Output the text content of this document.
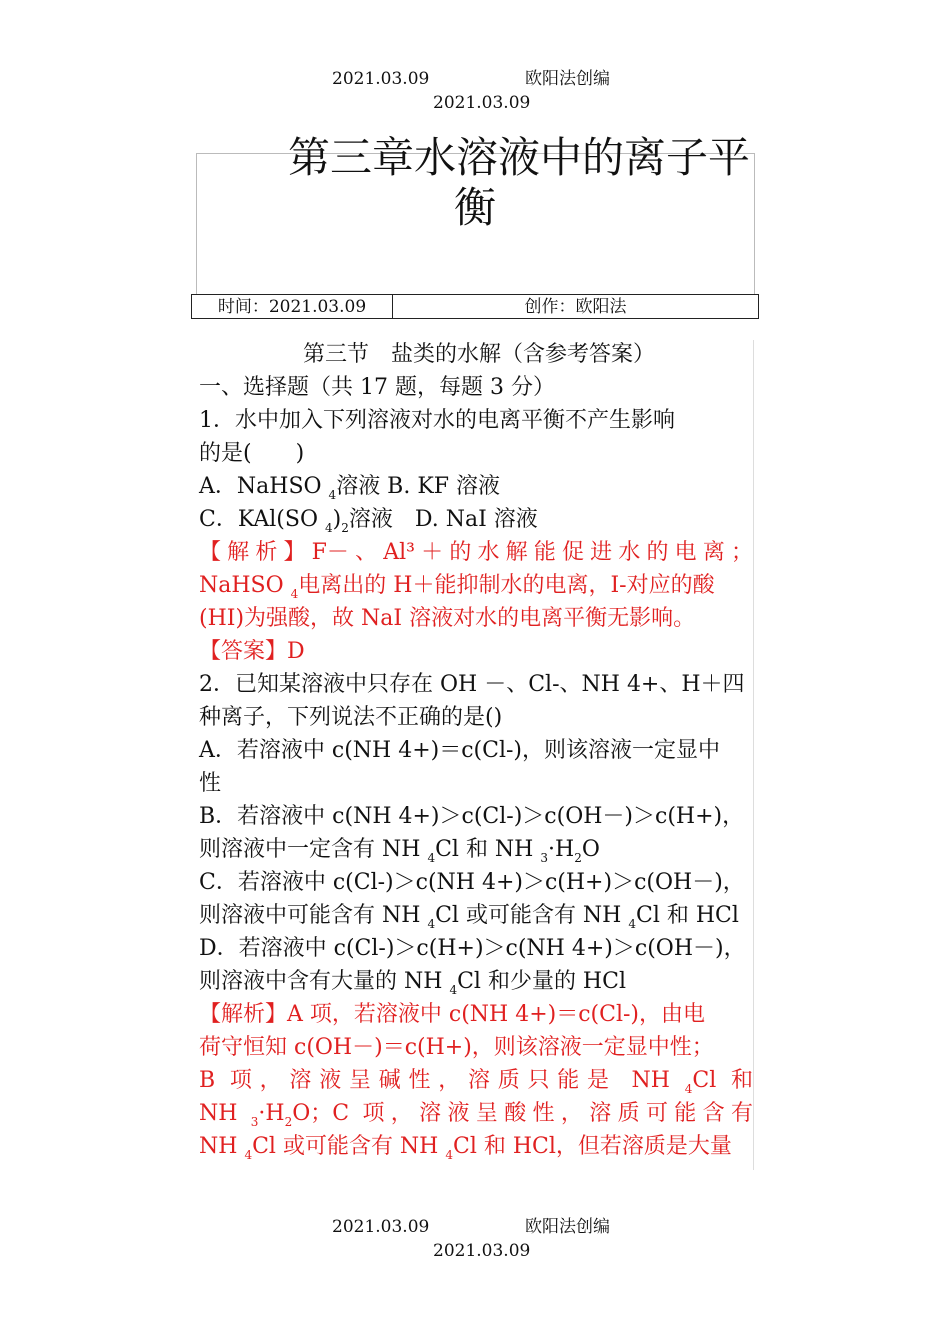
2021.03.09	欧阳法创编
2021.03.09
第三章水溶液中的离子平
衡
时间：2021.03.09	创作：欧阳法
第三节　盐类的水解（含参考答案）
一、选择题（共 17 题，每题 3 分）
1．水中加入下列溶液对水的电离平衡不产生影响
的是(　　)
A．NaHSO $_4$溶液 B. KF 溶液
C．KAl(SO $_4)_2$溶液　D. NaI 溶液
【解析】F－、Al³＋的水解能促进水的电离；
NaHSO $_4$电离出的 H＋能抑制水的电离，I-对应的酸
(HI)为强酸，故 NaI 溶液对水的电离平衡无影响。
【答案】D
2．已知某溶液中只存在 OH －、Cl-、NH 4+、H＋四
种离子，下列说法不正确的是()
A．若溶液中 c(NH 4+)＝c(Cl-)，则该溶液一定显中
性
B．若溶液中 c(NH 4+)＞c(Cl-)＞c(OH－)＞c(H+)，
则溶液中一定含有 NH $_4$Cl 和 NH $_3\cdot H_2O$
C．若溶液中 c(Cl-)＞c(NH 4+)＞c(H+)＞c(OH－)，
则溶液中可能含有 NH $_4$Cl 或可能含有 NH $_4$Cl 和 HCl
D．若溶液中 c(Cl-)＞c(H+)＞c(NH 4+)＞c(OH－)，
则溶液中含有大量的 NH $_4$Cl 和少量的 HCl
【解析】A 项，若溶液中 c(NH 4+)＝c(Cl-)，由电
荷守恒知 c(OH－)＝c(H+)，则该溶液一定显中性；
B 项，溶液呈碱性，溶质只能是 NH $_4$Cl 和
NH $_3\cdot H_2O$；C 项，溶液呈酸性，溶质可能含有
NH $_4$Cl 或可能含有 NH $_4$Cl 和 HCl，但若溶质是大量
2021.03.09	欧阳法创编
2021.03.09
